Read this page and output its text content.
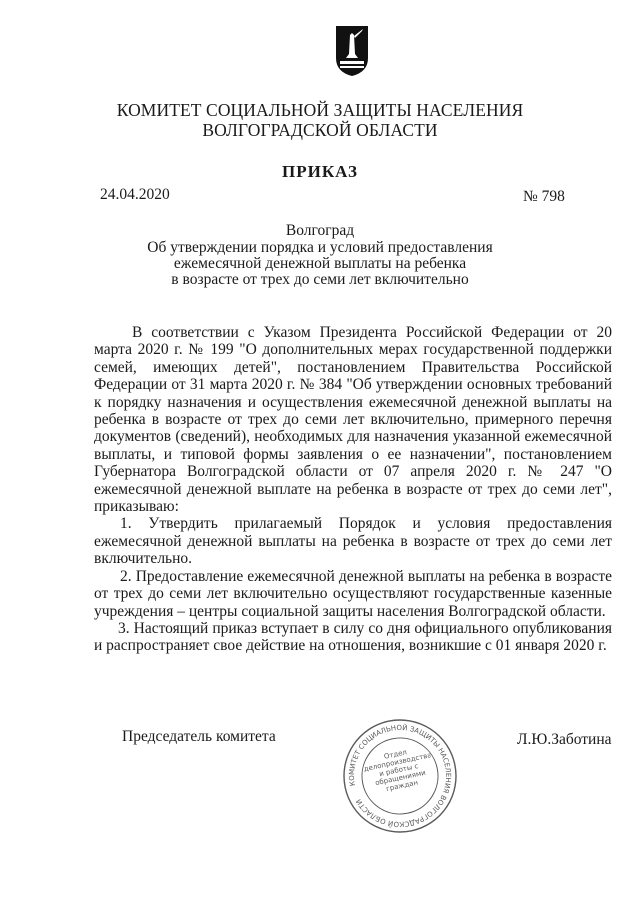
КОМИТЕТ СОЦИАЛЬНОЙ ЗАЩИТЫ НАСЕЛЕНИЯ
ВОЛГОГРАДСКОЙ ОБЛАСТИ
ПРИКАЗ
24.04.2020	№ 798
Волгоград
Об утверждении порядка и условий предоставления
ежемесячной денежной выплаты на ребенка
в возрасте от трех до семи лет включительно

В соответствии с Указом Президента Российской Федерации от 20 марта 2020 г. № 199 "О дополнительных мерах государственной поддержки семей, имеющих детей", постановлением Правительства Российской Федерации от 31 марта 2020 г. № 384 "Об утверждении основных требований к порядку назначения и осуществления ежемесячной денежной выплаты на ребенка в возрасте от трех до семи лет включительно, примерного перечня документов (сведений), необходимых для назначения указанной ежемесячной выплаты, и типовой формы заявления о ее назначении", постановлением Губернатора Волгоградской области от 07 апреля 2020 г. № 247 "О ежемесячной денежной выплате на ребенка в возрасте от трех до семи лет", приказываю:

1. Утвердить прилагаемый Порядок и условия предоставления ежемесячной денежной выплаты на ребенка в возрасте от трех до семи лет включительно.

2. Предоставление ежемесячной денежной выплаты на ребенка в возрасте от трех до семи лет включительно осуществляют государственные казенные учреждения – центры социальной защиты населения Волгоградской области.

3. Настоящий приказ вступает в силу со дня официального опубликования и распространяет свое действие на отношения, возникшие с 01 января 2020 г.

Председатель комитета	Л.Ю.Заботина
КОМИТЕТ СОЦИАЛЬНОЙ ЗАЩИТЫ НАСЕЛЕНИЯ ВОЛГОГРАДСКОЙ ОБЛАСТИ
Отдел делопроизводства и работы с обращениями граждан
